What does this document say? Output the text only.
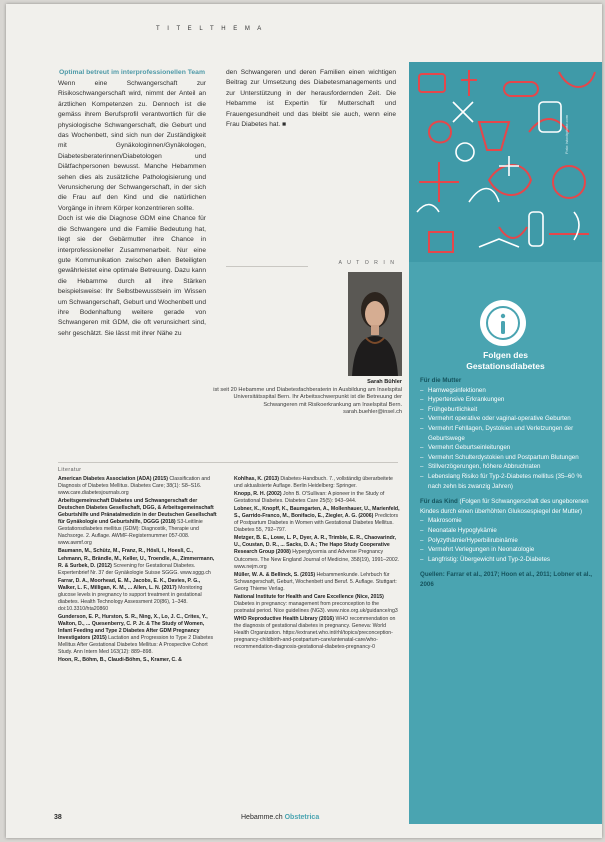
T I T E L T H E M A
Optimal betreut im interprofessionellen Team

Wenn eine Schwangerschaft zur Risikoschwangerschaft wird, nimmt der Anteil an ärztlichen Kompetenzen zu. Dennoch ist die gemäss ihrem Berufsprofil verantwortlich für die physiologische Schwangerschaft, die Geburt und das Wochenbett, sind sich nun der Zuständigkeit mit Gynäkologinnen/Gynäkologen, Diabetesberaterinnen/Diabetologen und Diätfachpersonen bewusst. Manche Hebammen sehen dies als zusätzliche Pathologisierung und Verunsicherung der Schwangerschaft, in der sich die Frau auf den Kind und die natürlichen Vorgänge in ihrem Körper konzentrieren sollte.

Doch ist wie die Diagnose GDM eine Chance für die Schwangere und die Familie Bedeutung hat, liegt sie der Gebärmutter ihre Chance in interprofessioneller Zusammenarbeit. Nur eine gute Kommunikation zwischen allen Beteiligten gewährleistet eine optimale Betreuung. Dazu kann die Hebamme durch all ihre Stärken beispielsweise: Ihr Selbstbewusstsein im Wissen um Schwangerschaft, Geburt und Wochenbett und ihre Bodenhaftung weitere gerade von Schwangeren mit GDM, die oft verunsichert sind, sehr geschätzt. Sie lässt mit ihrer Nähe zu

den Schwangeren und deren Familien einen wichtigen Beitrag zur Umsetzung des Diabetesmanagements und zur Unterstützung in der herausfordernden Zeit. Die Hebamme ist Expertin für Mutterschaft und Frauengesundheit und das bleibt sie auch, wenn eine Frau Diabetes hat. ■

A U T O R I N
Sarah Bühler
ist seit 20 Hebamme und Diabetesfachberaterin in Ausbildung am Inselspital Universitätsspital Bern. Ihr Arbeitsschwerpunkt ist die Betreuung der Schwangeren mit Risikoerkrankung am Inselspital Bern.
sarah.buehler@insel.ch
Literatur
American Diabetes Association (ADA) (2015) Classification and Diagnosis of Diabetes Mellitus. Diabetes Care; 38(1): S8–S16. www.care.diabetesjournals.org
Arbeitsgemeinschaft Diabetes und Schwangerschaft der Deutschen Diabetes Gesellschaft, DGG, & Arbeitsgemeinschaft Geburtshilfe und Pränatalmedizin in der Deutschen Gesellschaft für Gynäkologie und Geburtshilfe, DGGG (2018) S3-Leitlinie Gestationsdiabetes mellitus (GDM): Diagnostik, Therapie und Nachsorge. 2. Auflage. AWMF-Registernummer 057-008. www.awmf.org
Baumann, M., Schütz, M., Franz, R., Hösli, I., Hoesli, C., Lehmann, R., Brändle, M., Keller, U., Troendle, A., Zimmermann, R. & Surbek, D. (2012) Screening for Gestational Diabetes. Expertenbrief Nr. 37 der Gynäkologie Suisse SGGG. www.sggg.ch
Farrar, D. A., Moorhead, E. M., Jacobs, E. K., Davies, P. G., Walker, L. F., Milligan, K. M., ... Allen, L. N. (2017) Monitoring glucose levels in pregnancy to support treatment in gestational diabetes. Health Technology Assessment 20(86), 1–348. doi:10.3310/hta20860
Gunderson, E. P., Hurston, S. R., Ning, X., Lo, J. C., Crites, Y., Walton, D., ... Quesenberry, C. P. Jr. & The Study of Women, Infant Feeding and Type 2 Diabetes After GDM Pregnancy Investigators (2015) Lactation and Progression to Type 2 Diabetes Mellitus After Gestational Diabetes Mellitus: A Prospective Cohort Study. Ann Intern Med 163(12): 889–898.
Hoon, R., Böhm, B., Claudi-Böhm, S., Kramer, C. &
Kohlhas, K. (2013) Diabetes-Handbuch. 7., vollständig überarbeitete und aktualisierte Auflage. Berlin Heidelberg: Springer.
Knopp, R. H. (2002) John B. O'Sullivan: A pioneer in the Study of Gestational Diabetes. Diabetes Care 25(5): 943–944.
Lobner, K., Knopff, K., Baumgarten, A., Mollenhauer, U., Marienfeld, S., Garrido-Franco, M., Bonifacio, E., Ziegler, A. G. (2006) Predictors of Postpartum Diabetes in Women with Gestational Diabetes Mellitus. Diabetes 55, 792–797.
Metzger, B. E., Lowe, L. P., Dyer, A. R., Trimble, E. R., Chaovarindr, U., Coustan, D. R., ... Sacks, D. A.; The Hapo Study Cooperative Research Group (2008) Hyperglycemia and Adverse Pregnancy Outcomes. The New England Journal of Medicine, 358(19), 1991–2002. www.nejm.org
Müller, W. A. & Bellinck, S. (2015) Hebammenkunde. Lehrbuch für Schwangerschaft, Geburt, Wochenbett und Beruf. 5. Auflage. Stuttgart: Georg Thieme Verlag.
National Institute for Health and Care Excellence (Nice, 2015) Diabetes in pregnancy: management from preconception to the postnatal period. Nice guidelines (NG3). www.nice.org.uk/guidance/ng3
WHO Reproductive Health Library (2016) WHO recommendation on the diagnosis of gestational diabetes in pregnancy. Geneva: World Health Organization. https://extranet.who.int/rhl/topics/preconception-pregnancy-childbirth-and-postpartum-care/antenatal-care/who-recommendation-diagnosis-gestational-diabetes-pregnancy-0
Foto: istockphoto.com
Folgen des
Gestationsdiabetes
Für die Mutter
– Harnwegsinfektionen
– Hypertensive Erkrankungen
– Frühgeburtlichkeit
– Vermehrt operative oder vaginal-operative Geburten
– Vermehrt Fehllagen, Dystokien und Verletzungen der Geburtswege
– Vermehrt Geburtseinleitungen
– Vermehrt Schulterdystokien und Postpartum Blutungen
– Stillverzögerungen, höhere Abbruchraten
– Lebenslang Risiko für Typ-2-Diabetes mellitus (35–60 % nach zehn bis zwanzig Jahren)
Für das Kind (Folgen für Schwangerschaft des ungeborenen Kindes durch einen überhöhten Glukosespiegel der Mutter)
– Makrosomie
– Neonatale Hypoglykämie
– Polyzythämie/Hyperbilirubinämie
– Vermehrt Verlegungen in Neonatologie
– Langfristig: Übergewicht und Typ-2-Diabetes
Quellen: Farrar et al., 2017; Hoon et al., 2011; Lobner et al., 2006
38	Hebamme.ch Obstetrica
